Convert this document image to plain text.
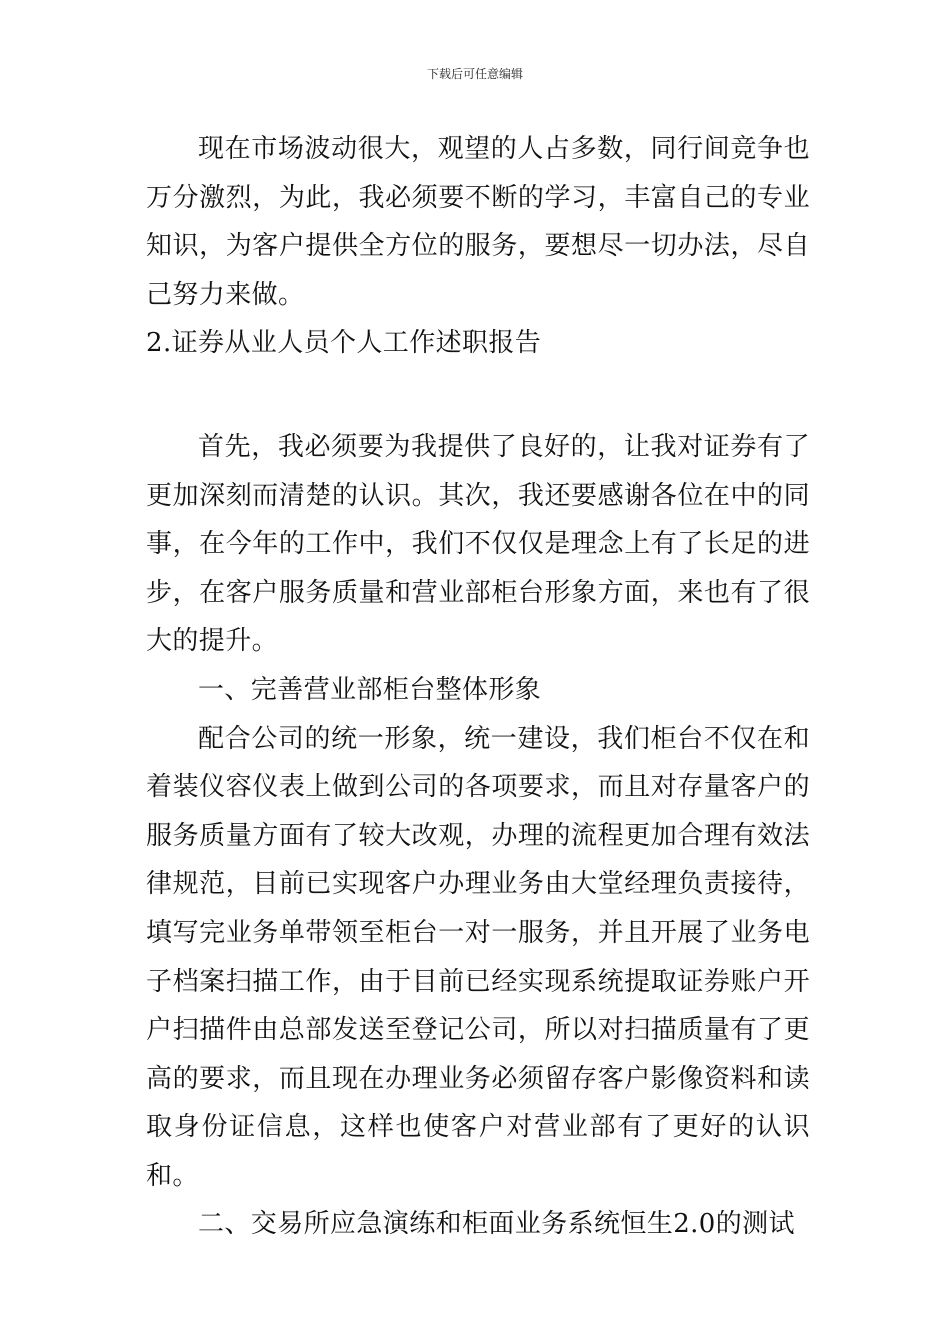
下载后可任意编辑

现在市场波动很大，观望的人占多数，同行间竞争也万分激烈，为此，我必须要不断的学习，丰富自己的专业知识，为客户提供全方位的服务，要想尽一切办法，尽自己努力来做。

2.证券从业人员个人工作述职报告

首先，我必须要为我提供了良好的，让我对证券有了更加深刻而清楚的认识。其次，我还要感谢各位在中的同事，在今年的工作中，我们不仅仅是理念上有了长足的进步，在客户服务质量和营业部柜台形象方面，来也有了很大的提升。

一、完善营业部柜台整体形象

配合公司的统一形象，统一建设，我们柜台不仅在和着装仪容仪表上做到公司的各项要求，而且对存量客户的服务质量方面有了较大改观，办理的流程更加合理有效法律规范，目前已实现客户办理业务由大堂经理负责接待，填写完业务单带领至柜台一对一服务，并且开展了业务电子档案扫描工作，由于目前已经实现系统提取证券账户开户扫描件由总部发送至登记公司，所以对扫描质量有了更高的要求，而且现在办理业务必须留存客户影像资料和读取身份证信息，这样也使客户对营业部有了更好的认识和。

二、交易所应急演练和柜面业务系统恒生2.0的测试
